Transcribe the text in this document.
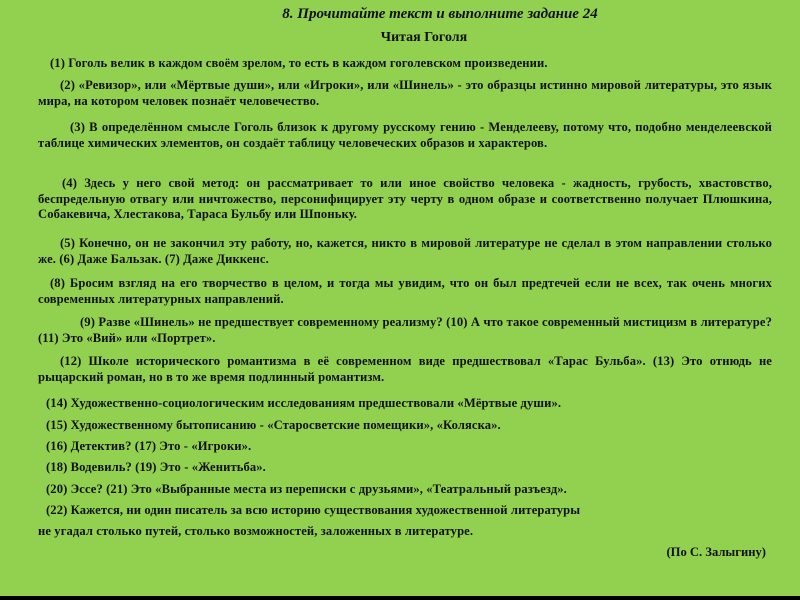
8. Прочитайте текст и выполните задание 24
Читая Гоголя

(1) Гоголь велик в каждом своём зрелом, то есть в каждом гоголевском произведении.

(2) «Ревизор», или «Мёртвые души», или «Игроки», или «Шинель» - это образцы истинно мировой литературы, это язык мира, на котором человек познаёт человечество.

(3) В определённом смысле Гоголь близок к другому русскому гению - Менделееву, потому что, подобно менделеевской таблице химических элементов, он создаёт таблицу человеческих образов и характеров.

(4) Здесь у него свой метод: он рассматривает то или иное свойство человека - жадность, грубость, хвастовство, беспредельную отвагу или ничтожество, персонифицирует эту черту в одном образе и соответственно получает Плюшкина, Собакевича, Хлестакова, Тараса Бульбу или Шпоньку.

(5) Конечно, он не закончил эту работу, но, кажется, никто в мировой литературе не сделал в этом направлении столько же. (6) Даже Бальзак. (7) Даже Диккенс.

(8) Бросим взгляд на его творчество в целом, и тогда мы увидим, что он был предтечей если не всех, так очень многих современных литературных направлений.

(9) Разве «Шинель» не предшествует современному реализму? (10) А что такое современный мистицизм в литературе? (11) Это «Вий» или «Портрет».

(12) Школе исторического романтизма в её современном виде предшествовал «Тарас Бульба». (13) Это отнюдь не рыцарский роман, но в то же время подлинный романтизм.

(14) Художественно-социологическим исследованиям предшествовали «Мёртвые души».

(15) Художественному бытописанию - «Старосветские помещики», «Коляска».

(16) Детектив? (17) Это - «Игроки».

(18) Водевиль? (19) Это - «Женитьба».

(20) Эссе? (21) Это «Выбранные места из переписки с друзьями», «Театральный разъезд».

(22) Кажется, ни один писатель за всю историю существования художественной литературы

не угадал столько путей, столько возможностей, заложенных в литературе.

(По С. Залыгину)
